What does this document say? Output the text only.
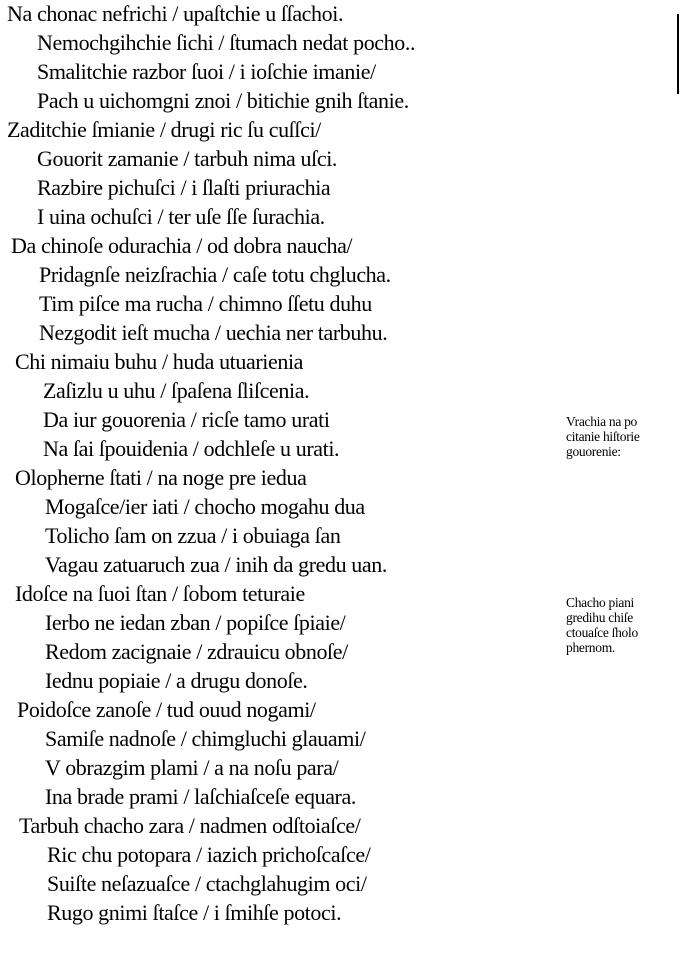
Na chonac nefrichi / upaſtchie u ſſachoi.
Nemochgihchie ſichi / ſtumach nedat pocho..
Smalitchie razbor ſuoi / i ioſchie imanie/
Pach u uichomgni znoi / bitichie gnih ſtanie.
Zaditchie ſmianie / drugi ric ſu cuſſci/
Gouorit zamanie / tarbuh nima uſci.
Razbire pichuſci / i ſlaſti priurachia
I uina ochuſci / ter uſe ſſe ſurachia.
Da chinoſe odurachia / od dobra naucha/
Pridagnſe neizſrachia / caſe totu chgluchа.
Tim piſce ma rucha / chimno ſſetu duhu
Nezgodit ieſt mucha / uechia ner tarbuhu.
Chi nimaiu buhu / huda utuarienia
Zaſizlu u uhu / ſpaſena ſliſcenia.
Da iur gouorenia / ricſe tamo urati
Na ſai ſpouidenia / odchleſe u urati.
Olopherne ſtati / na noge pre iedua
Mogaſce/ier iati / chocho mogahu dua
Tolicho ſam on zzua / i obuiaga ſan
Vagau zatuaruch zua / inih da gredu uan.
Idoſce na ſuoi ſtan / ſobom teturaie
Ierbo ne iedan zban / popiſce ſpiaie/
Redom zacignaie / zdrauicu obnoſe/
Iednu popiaie / a drugu donoſe.
Poidoſce zanoſe / tud ouud nogami/
Samiſe nadnoſe / chimgluchi glauami/
V obrazgim plami / a na noſu para/
Ina brade prami / laſchiaſceſe equara.
Tarbuh chacho zara / nadmen odſtoiaſce/
Ric chu potopara / iazich prichoſcaſce/
Suiſte neſazuaſce / ctachglahugim oci/
Rugo gnimi ſtaſce / i ſmihſe potoci.
Vrachia na po
citanie hiſtorie
gouorenie:
Chacho piani
gredihu chiſe
ctouaſce ſholo
phernom.
